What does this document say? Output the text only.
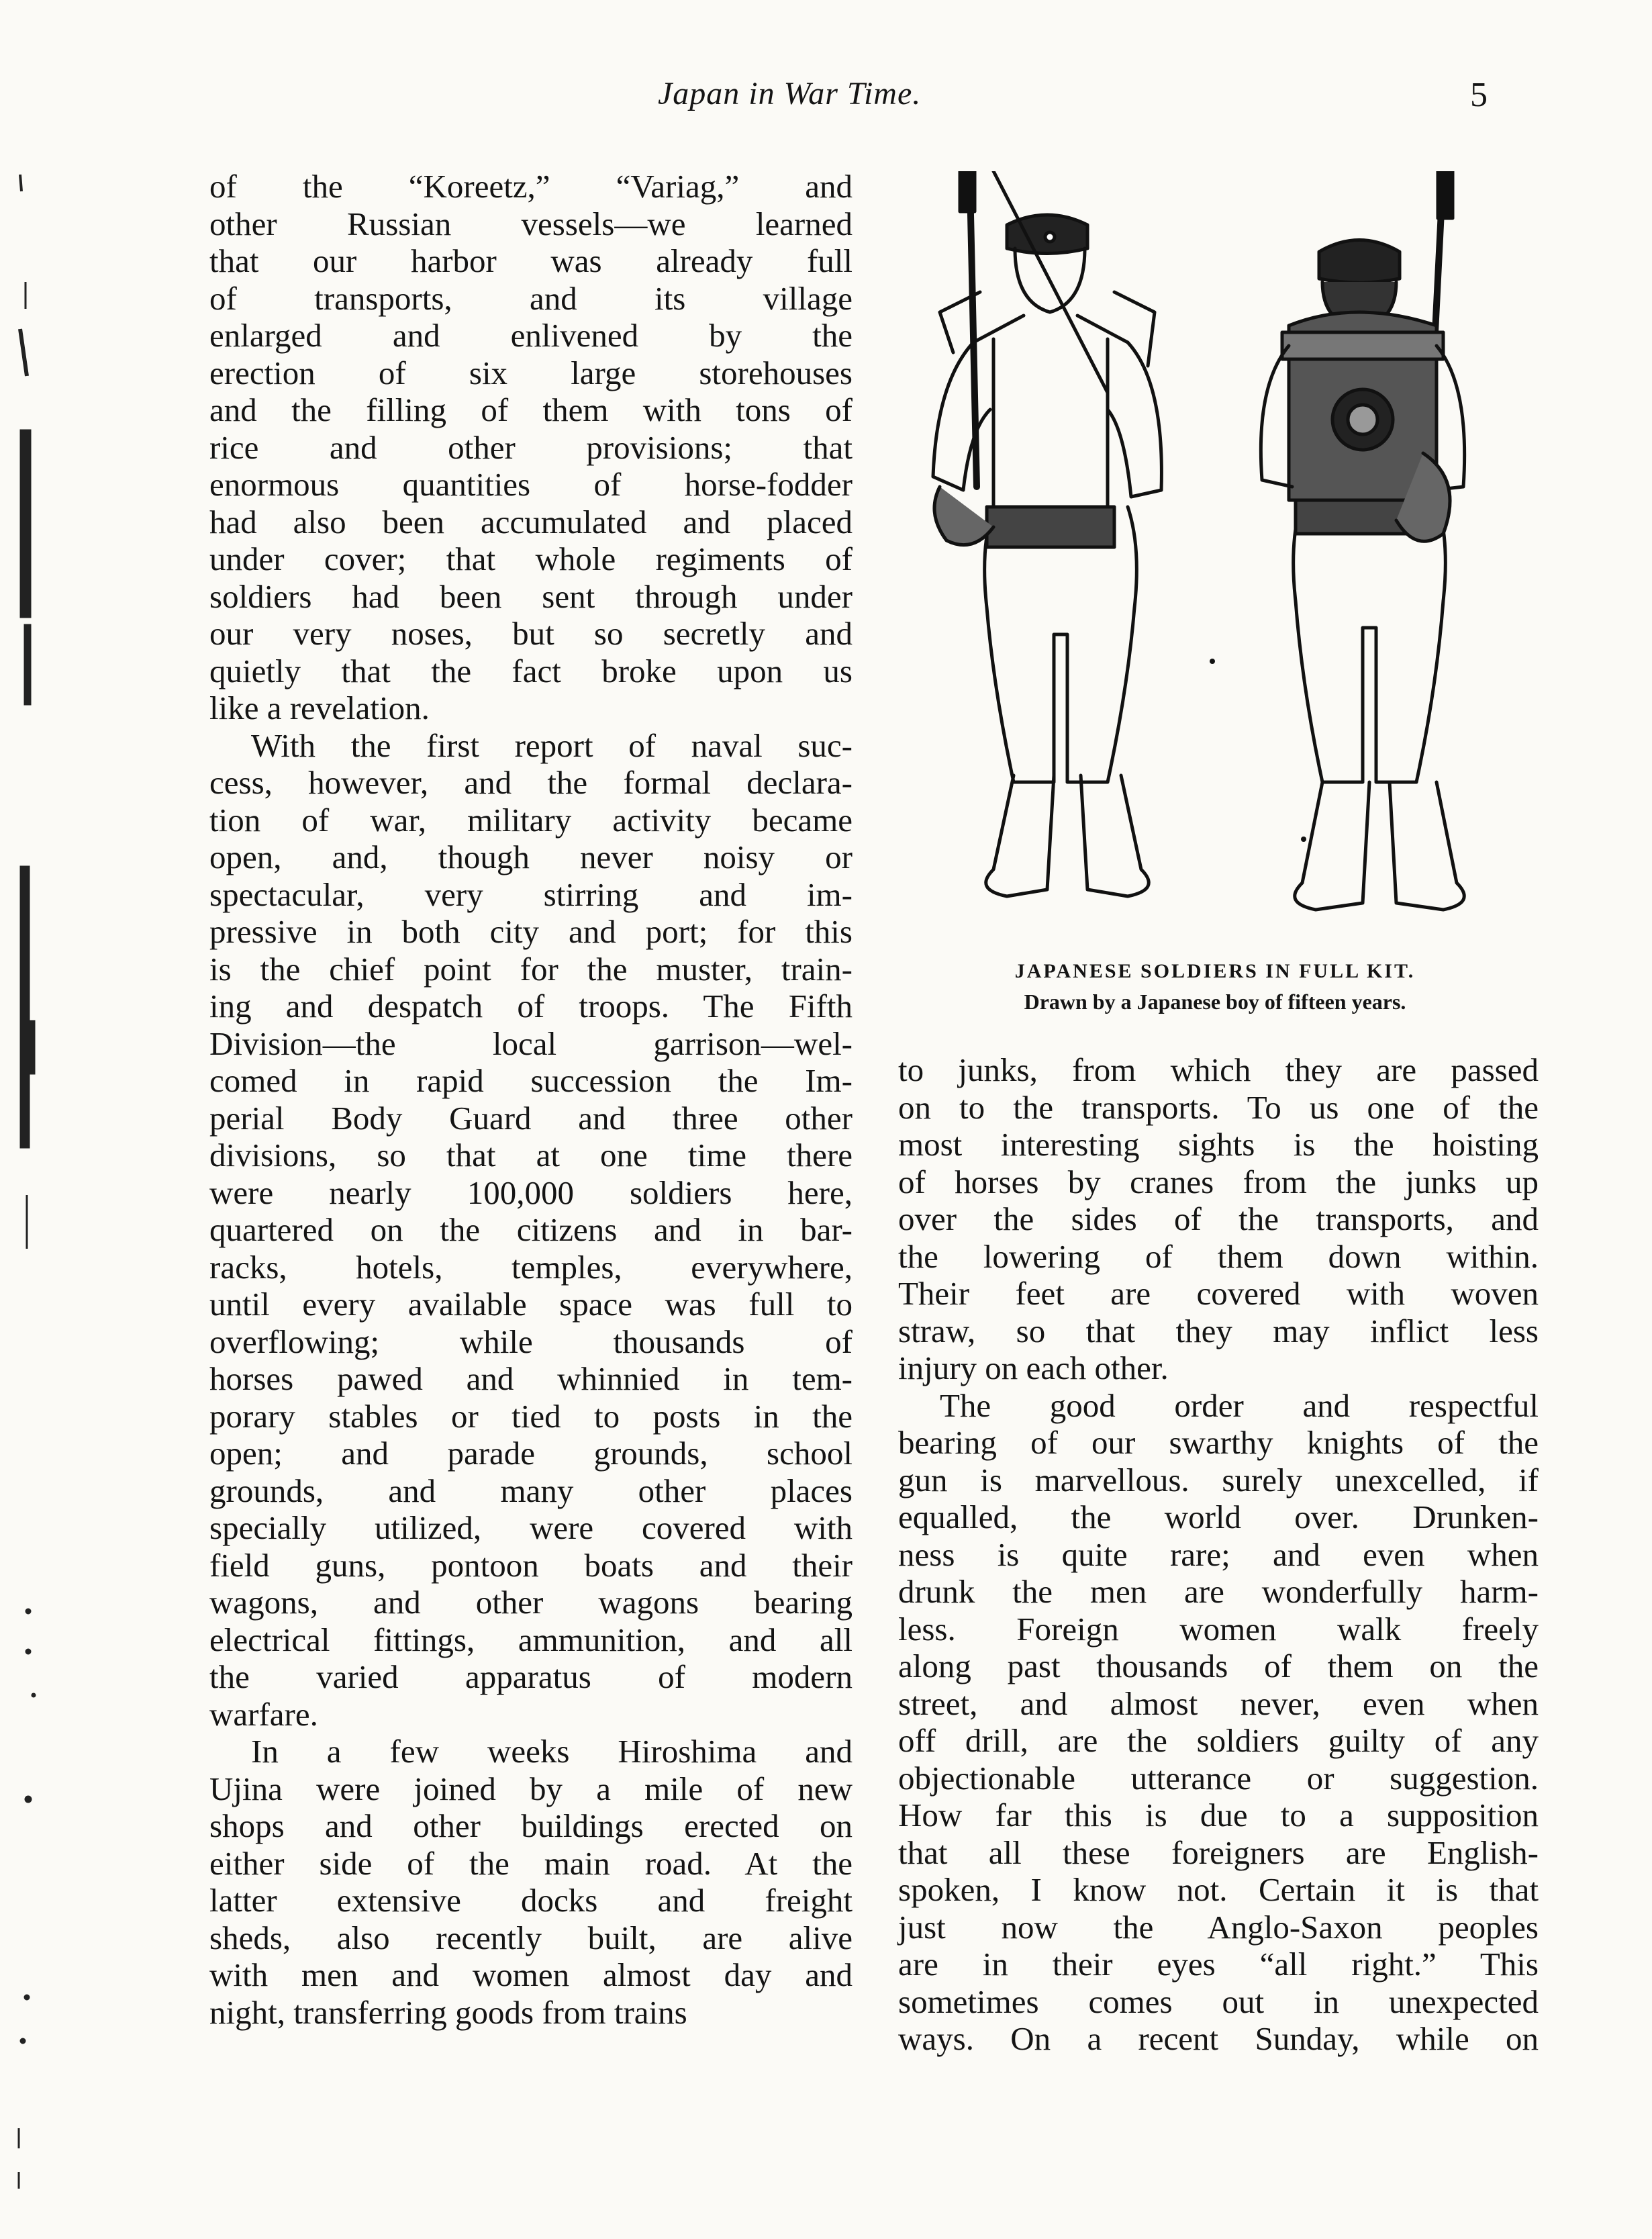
Japan in War Time.	5
of the “Koreetz,” “Variag,” and
other Russian vessels—we learned
that our harbor was already full
of transports, and its village
enlarged and enlivened by the
erection of six large storehouses
and the filling of them with tons of
rice and other provisions; that
enormous quantities of horse-fodder
had also been accumulated and placed
under cover; that whole regiments of
soldiers had been sent through under
our very noses, but so secretly and
quietly that the fact broke upon us
like a revelation.
With the first report of naval suc-
cess, however, and the formal declara-
tion of war, military activity became
open, and, though never noisy or
spectacular, very stirring and im-
pressive in both city and port; for this
is the chief point for the muster, train-
ing and despatch of troops. The Fifth
Division—the local garrison—wel-
comed in rapid succession the Im-
perial Body Guard and three other
divisions, so that at one time there
were nearly 100,000 soldiers here,
quartered on the citizens and in bar-
racks, hotels, temples, everywhere,
until every available space was full to
overflowing; while thousands of
horses pawed and whinnied in tem-
porary stables or tied to posts in the
open; and parade grounds, school
grounds, and many other places
specially utilized, were covered with
field guns, pontoon boats and their
wagons, and other wagons bearing
electrical fittings, ammunition, and all
the varied apparatus of modern
warfare.
In a few weeks Hiroshima and
Ujina were joined by a mile of new
shops and other buildings erected on
either side of the main road. At the
latter extensive docks and freight
sheds, also recently built, are alive
with men and women almost day and
night, transferring goods from trains
JAPANESE SOLDIERS IN FULL KIT.
Drawn by a Japanese boy of fifteen years.
to junks, from which they are passed
on to the transports. To us one of the
most interesting sights is the hoisting
of horses by cranes from the junks up
over the sides of the transports, and
the lowering of them down within.
Their feet are covered with woven
straw, so that they may inflict less
injury on each other.
The good order and respectful
bearing of our swarthy knights of the
gun is marvellous. surely unexcelled, if
equalled, the world over. Drunken-
ness is quite rare; and even when
drunk the men are wonderfully harm-
less. Foreign women walk freely
along past thousands of them on the
street, and almost never, even when
off drill, are the soldiers guilty of any
objectionable utterance or suggestion.
How far this is due to a supposition
that all these foreigners are English-
spoken, I know not. Certain it is that
just now the Anglo-Saxon peoples
are in their eyes “all right.” This
sometimes comes out in unexpected
ways. On a recent Sunday, while on
